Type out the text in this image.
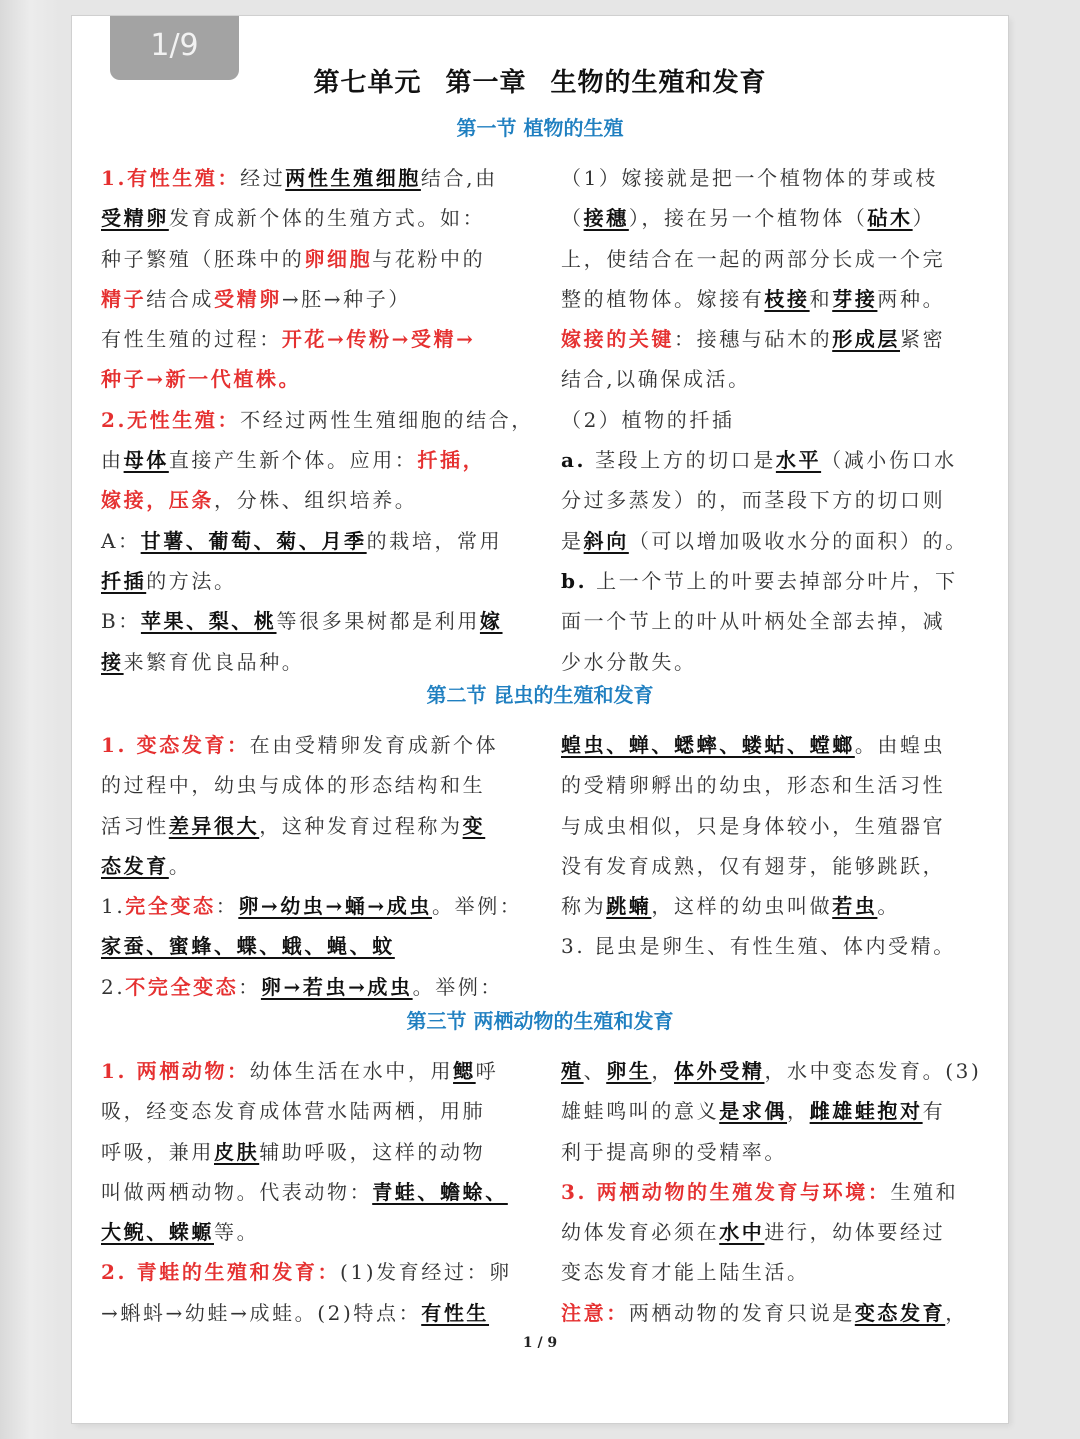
1/9
第七单元 第一章 生物的生殖和发育
第一节 植物的生殖
1.有性生殖：经过两性生殖细胞结合,由
受精卵发育成新个体的生殖方式。如：
种子繁殖（胚珠中的卵细胞与花粉中的
精子结合成受精卵→胚→种子）
有性生殖的过程：开花→传粉→受精→
种子→新一代植株。
2.无性生殖：不经过两性生殖细胞的结合，
由母体直接产生新个体。应用：扦插，
嫁接，压条，分株、组织培养。
A：甘薯、葡萄、菊、月季的栽培，常用
扦插的方法。
B：苹果、梨、桃等很多果树都是利用嫁
接来繁育优良品种。
（1）嫁接就是把一个植物体的芽或枝
（接穗），接在另一个植物体（砧木）
上，使结合在一起的两部分长成一个完
整的植物体。嫁接有枝接和芽接两种。
嫁接的关键：接穗与砧木的形成层紧密
结合,以确保成活。
（2）植物的扦插
a. 茎段上方的切口是水平（减小伤口水
分过多蒸发）的，而茎段下方的切口则
是斜向（可以增加吸收水分的面积）的。
b. 上一个节上的叶要去掉部分叶片，下
面一个节上的叶从叶柄处全部去掉，减
少水分散失。
第二节 昆虫的生殖和发育
1. 变态发育：在由受精卵发育成新个体
的过程中，幼虫与成体的形态结构和生
活习性差异很大，这种发育过程称为变
态发育。
1.完全变态：卵→幼虫→蛹→成虫。举例：
家蚕、蜜蜂、蝶、蛾、蝇、蚊
2.不完全变态：卵→若虫→成虫。举例：
蝗虫、蝉、蟋蟀、蝼蛄、螳螂。由蝗虫
的受精卵孵出的幼虫，形态和生活习性
与成虫相似，只是身体较小，生殖器官
没有发育成熟，仅有翅芽，能够跳跃，
称为跳蝻，这样的幼虫叫做若虫。
3. 昆虫是卵生、有性生殖、体内受精。
第三节 两栖动物的生殖和发育
1. 两栖动物：幼体生活在水中，用鳃呼
吸，经变态发育成体营水陆两栖，用肺
呼吸，兼用皮肤辅助呼吸，这样的动物
叫做两栖动物。代表动物：青蛙、蟾蜍、
大鲵、蝾螈等。
2. 青蛙的生殖和发育：(1)发育经过：卵
→蝌蚪→幼蛙→成蛙。(2)特点：有性生
殖、卵生，体外受精，水中变态发育。(3)
雄蛙鸣叫的意义是求偶，雌雄蛙抱对有
利于提高卵的受精率。
3. 两栖动物的生殖发育与环境：生殖和
幼体发育必须在水中进行，幼体要经过
变态发育才能上陆生活。
注意：两栖动物的发育只说是变态发育，
1 / 9
